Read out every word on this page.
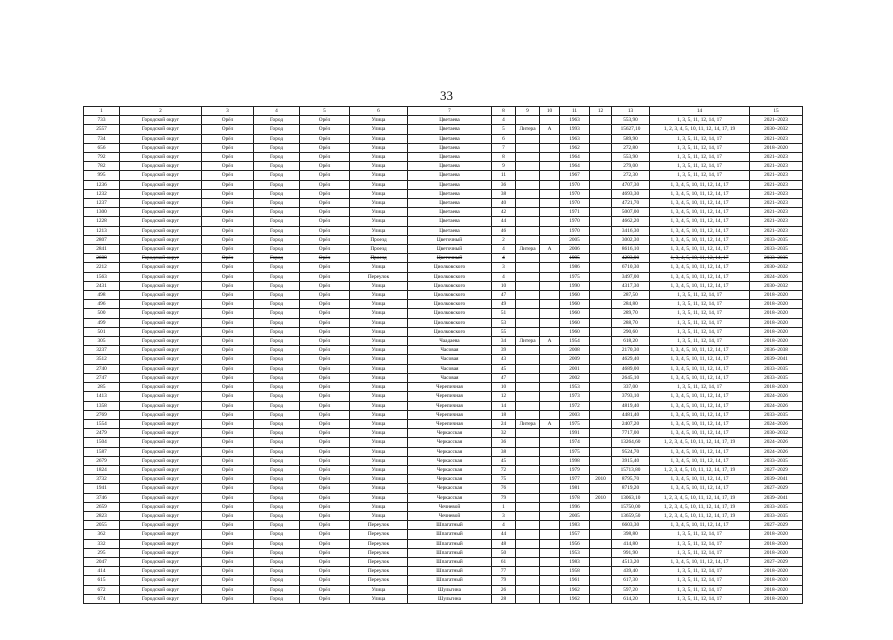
33
1	2	3	4	5	6	7	8	9	10	11	12	13	14	15
733	Городской округ	Орёл	Город	Орёл	Улица	Цветаева	4			1963		553,90	1, 3, 5, 11, 12, 14, 17	2021–2023
2557	Городской округ	Орёл	Город	Орёл	Улица	Цветаева	5	Литера	А	1993		15627,10	1, 2, 3, 4, 5, 10, 11, 12, 14, 17, 19	2030–2032
734	Городской округ	Орёл	Город	Орёл	Улица	Цветаева	6			1963		589,90	1, 3, 5, 11, 12, 14, 17	2021–2023
656	Городской округ	Орёл	Город	Орёл	Улица	Цветаева	7			1962		272,80	1, 3, 5, 11, 12, 14, 17	2018–2020
792	Городской округ	Орёл	Город	Орёл	Улица	Цветаева	8			1964		553,90	1, 3, 5, 11, 12, 14, 17	2021–2023
782	Городской округ	Орёл	Город	Орёл	Улица	Цветаева	9			1964		279,00	1, 3, 5, 11, 12, 14, 17	2021–2023
995	Городской округ	Орёл	Город	Орёл	Улица	Цветаева	11			1967		272,30	1, 3, 5, 11, 12, 14, 17	2021–2023
1236	Городской округ	Орёл	Город	Орёл	Улица	Цветаева	36			1970		4707,30	1, 3, 4, 5, 10, 11, 12, 14, 17	2021–2023
1232	Городской округ	Орёл	Город	Орёл	Улица	Цветаева	38			1970		4693,30	1, 3, 4, 5, 10, 11, 12, 14, 17	2021–2023
1237	Городской округ	Орёл	Город	Орёл	Улица	Цветаева	40			1970		4721,70	1, 3, 4, 5, 10, 11, 12, 14, 17	2021–2023
1300	Городской округ	Орёл	Город	Орёл	Улица	Цветаева	42			1971		5007,00	1, 3, 4, 5, 10, 11, 12, 14, 17	2021–2023
1228	Городской округ	Орёл	Город	Орёл	Улица	Цветаева	44			1970		4662,20	1, 3, 4, 5, 10, 11, 12, 14, 17	2021–2023
1213	Городской округ	Орёл	Город	Орёл	Улица	Цветаева	46			1970		3416,30	1, 3, 4, 5, 10, 11, 12, 14, 17	2021–2023
2807	Городской округ	Орёл	Город	Орёл	Проезд	Цветочный	2			2005		3002,30	1, 3, 4, 5, 10, 11, 12, 14, 17	2033–2035
2841	Городской округ	Орёл	Город	Орёл	Проезд	Цветочный	4	Литера	А	2006		8616,10	1, 3, 4, 5, 10, 11, 12, 14, 17	2033–2035
2608	Городской округ	Орёл	Город	Орёл	Проезд	Цветочный	4			1995		4293,00	1, 3, 4, 5, 10, 11, 12, 14, 17	2033–2035
2212	Городской округ	Орёл	Город	Орёл	Улица	Циолковского	3			1986		6710,30	1, 3, 4, 5, 10, 11, 12, 14, 17	2030–2032
1563	Городской округ	Орёл	Город	Орёл	Переулок	Циолковского	4			1975		3497,00	1, 3, 4, 5, 10, 11, 12, 14, 17	2024–2026
2431	Городской округ	Орёл	Город	Орёл	Улица	Циолковского	10			1990		4317,30	1, 3, 4, 5, 10, 11, 12, 14, 17	2030–2032
498	Городской округ	Орёл	Город	Орёл	Улица	Циолковского	47			1960		287,50	1, 3, 5, 11, 12, 14, 17	2018–2020
496	Городской округ	Орёл	Город	Орёл	Улица	Циолковского	49			1960		284,80	1, 3, 5, 11, 12, 14, 17	2018–2020
500	Городской округ	Орёл	Город	Орёл	Улица	Циолковского	51			1960		289,70	1, 3, 5, 11, 12, 14, 17	2018–2020
499	Городской округ	Орёл	Город	Орёл	Улица	Циолковского	53			1960		288,70	1, 3, 5, 11, 12, 14, 17	2018–2020
501	Городской округ	Орёл	Город	Орёл	Улица	Циолковского	55			1960		290,60	1, 3, 5, 11, 12, 14, 17	2018–2020
305	Городской округ	Орёл	Город	Орёл	Улица	Чаадаева	34	Литера	А	1954		618,20	1, 3, 5, 11, 12, 14, 17	2018–2020
3237	Городской округ	Орёл	Город	Орёл	Улица	Часовая	39			2008		2170,30	1, 3, 4, 5, 10, 11, 12, 14, 17	2036–2038
3512	Городской округ	Орёл	Город	Орёл	Улица	Часовая	43			2009		4629,40	1, 3, 4, 5, 10, 11, 12, 14, 17	2039–2041
2740	Городской округ	Орёл	Город	Орёл	Улица	Часовая	45			2001		4689,00	1, 3, 4, 5, 10, 11, 12, 14, 17	2033–2035
2747	Городской округ	Орёл	Город	Орёл	Улица	Часовая	47			2002		2645,10	1, 3, 4, 5, 10, 11, 12, 14, 17	2033–2035
285	Городской округ	Орёл	Город	Орёл	Улица	Черепичная	10			1953		337,00	1, 3, 5, 11, 12, 14, 17	2018–2020
1413	Городской округ	Орёл	Город	Орёл	Улица	Черепичная	12			1973		3793,10	1, 3, 4, 5, 10, 11, 12, 14, 17	2024–2026
1358	Городской округ	Орёл	Город	Орёл	Улица	Черепичная	14			1972		4819,40	1, 3, 4, 5, 10, 11, 12, 14, 17	2024–2026
2769	Городской округ	Орёл	Город	Орёл	Улица	Черепичная	18			2003		4481,40	1, 3, 4, 5, 10, 11, 12, 14, 17	2033–2035
1554	Городской округ	Орёл	Город	Орёл	Улица	Черепичная	24	Литера	А	1975		2407,20	1, 3, 4, 5, 10, 11, 12, 14, 17	2024–2026
2479	Городской округ	Орёл	Город	Орёл	Улица	Черкасская	32			1991		7717,00	1, 3, 4, 5, 10, 11, 12, 14, 17	2030–2032
1504	Городской округ	Орёл	Город	Орёл	Улица	Черкасская	36			1974		13264,60	1, 2, 3, 4, 5, 10, 11, 12, 14, 17, 19	2024–2026
1587	Городской округ	Орёл	Город	Орёл	Улица	Черкасская	38			1975		9524,70	1, 3, 4, 5, 10, 11, 12, 14, 17	2024–2026
2679	Городской округ	Орёл	Город	Орёл	Улица	Черкасская	45			1998		3915,40	1, 3, 4, 5, 10, 11, 12, 14, 17	2033–2035
1824	Городской округ	Орёл	Город	Орёл	Улица	Черкасская	72			1979		15713,80	1, 2, 3, 4, 5, 10, 11, 12, 14, 17, 19	2027–2029
3732	Городской округ	Орёл	Город	Орёл	Улица	Черкасская	75			1977	2010	8795,70	1, 3, 4, 5, 10, 11, 12, 14, 17	2039–2041
1941	Городской округ	Орёл	Город	Орёл	Улица	Черкасская	76			1981		8719,20	1, 3, 4, 5, 10, 11, 12, 14, 17	2027–2029
3746	Городской округ	Орёл	Город	Орёл	Улица	Черкасская	79			1978	2010	13063,10	1, 2, 3, 4, 5, 10, 11, 12, 14, 17, 19	2039–2041
2659	Городской округ	Орёл	Город	Орёл	Улица	Чечневой	1			1996		15750,00	1, 2, 3, 4, 5, 10, 11, 12, 14, 17, 19	2033–2035
2823	Городской округ	Орёл	Город	Орёл	Улица	Чечневой	3			2005		13659,50	1, 2, 3, 4, 5, 10, 11, 12, 14, 17, 19	2033–2035
2055	Городской округ	Орёл	Город	Орёл	Переулок	Шпагатный	4			1983		6603,30	1, 3, 4, 5, 10, 11, 12, 14, 17	2027–2029
362	Городской округ	Орёл	Город	Орёл	Переулок	Шпагатный	44			1957		398,80	1, 3, 5, 11, 12, 14, 17	2018–2020
332	Городской округ	Орёл	Город	Орёл	Переулок	Шпагатный	48			1956		414,80	1, 3, 5, 11, 12, 14, 17	2018–2020
295	Городской округ	Орёл	Город	Орёл	Переулок	Шпагатный	50			1953		991,90	1, 3, 5, 11, 12, 14, 17	2018–2020
2047	Городской округ	Орёл	Город	Орёл	Переулок	Шпагатный	61			1983		4513,20	1, 3, 4, 5, 10, 11, 12, 14, 17	2027–2029
414	Городской округ	Орёл	Город	Орёл	Переулок	Шпагатный	77			1958		439,40	1, 3, 5, 11, 12, 14, 17	2018–2020
615	Городской округ	Орёл	Город	Орёл	Переулок	Шпагатный	79			1961		617,30	1, 3, 5, 11, 12, 14, 17	2018–2020
672	Городской округ	Орёл	Город	Орёл	Улица	Шульгина	26			1962		597,20	1, 3, 5, 11, 12, 14, 17	2018–2020
674	Городской округ	Орёл	Город	Орёл	Улица	Шульгина	28			1962		614,20	1, 3, 5, 11, 12, 14, 17	2018–2020
